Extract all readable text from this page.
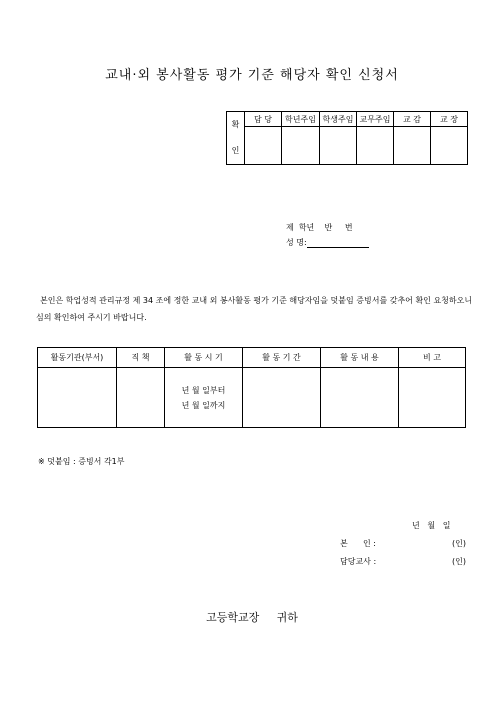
교내·외 봉사활동 평가 기준 해당자 확인 신청서
확
인	담 당	학년주임	학생주임	교무주임	교 감	교 장

제  학년    반     번
성 명:
본인은 학업성적 관리규정 제 34 조에 정한 교내 외 봉사활동 평가 기준 해당자임을 덧붙임 증빙서를 갖추어 확인 요청하오니 심의 확인하여 주시기 바랍니다.
활동기관(부서)	직 책	활 동 시 기	활 동 기 간	활 동 내 용	비 고

		년 월 일부터
년 월 일까지			

※ 덧붙임 : 증빙서 각1부
년   월   일
본      인 :	(인)
담당교사 :	(인)
고등학교장     귀하
